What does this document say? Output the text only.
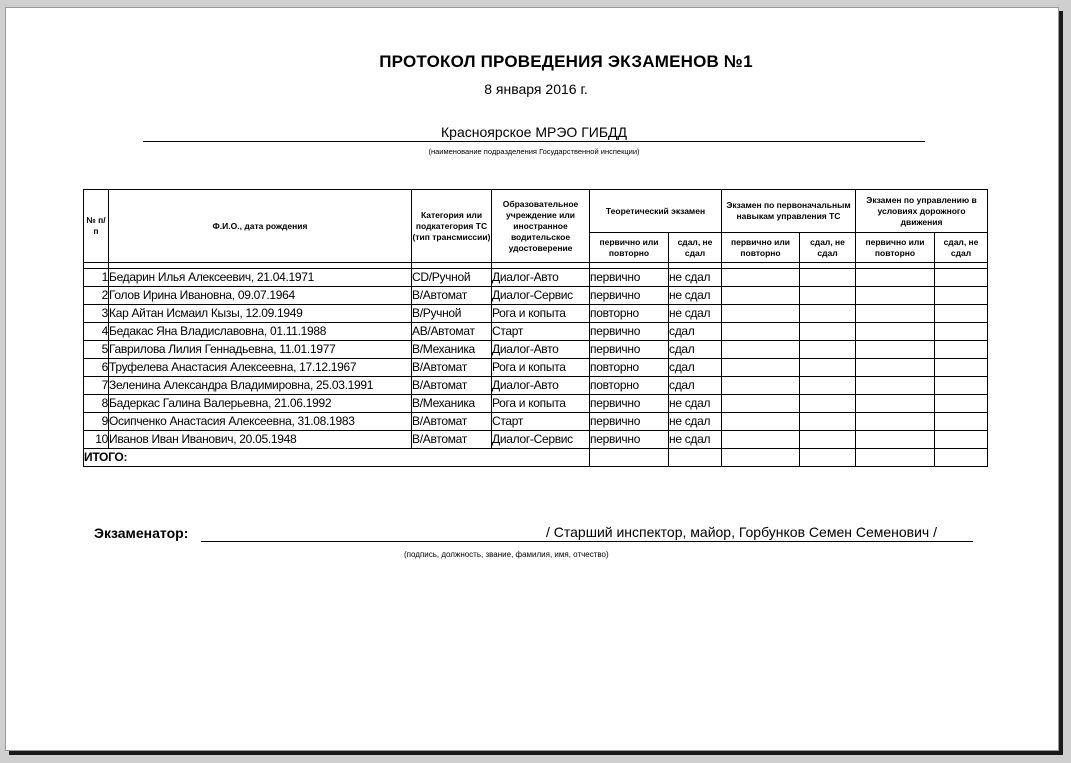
ПРОТОКОЛ ПРОВЕДЕНИЯ ЭКЗАМЕНОВ №1
8 января 2016 г.
Красноярское МРЭО ГИБДД
(наименование подразделения Государственной инспекции)
№ п/п	Ф.И.О., дата рождения	Категория или подкатегория ТС (тип трансмиссии)	Образовательное учреждение или иностранное водительское удостоверение	Теоретический экзамен		Экзамен по первоначальным навыкам управления ТС		Экзамен по управлению в условиях дорожного движения	
				первично или повторно	сдал, не сдал	первично или повторно	сдал, не сдал	первично или повторно	сдал, не сдал

1	Бедарин Илья Алексеевич, 21.04.1971	CD/Ручной	Диалог-Авто	первично	не сдал				
2	Голов Ирина Ивановна, 09.07.1964	B/Автомат	Диалог-Сервис	первично	не сдал				
3	Кар Айтан Исмаил Кызы, 12.09.1949	B/Ручной	Рога и копыта	повторно	не сдал				
4	Бедакас Яна Владиславовна, 01.11.1988	AB/Автомат	Старт	первично	сдал				
5	Гаврилова Лилия Геннадьевна, 11.01.1977	B/Механика	Диалог-Авто	первично	сдал				
6	Труфелева Анастасия Алексеевна, 17.12.1967	B/Автомат	Рога и копыта	повторно	сдал				
7	Зеленина Александра Владимировна, 25.03.1991	B/Автомат	Диалог-Авто	повторно	сдал				
8	Бадеркас Галина Валерьевна, 21.06.1992	B/Механика	Рога и копыта	первично	не сдал				
9	Осипченко Анастасия Алексеевна, 31.08.1983	B/Автомат	Старт	первично	не сдал				
10	Иванов Иван Иванович, 20.05.1948	B/Автомат	Диалог-Сервис	первично	не сдал				
ИТОГО:									
Экзаменатор:	/ Старший инспектор, майор, Горбунков Семен Семенович /
(подпись, должность, звание, фамилия, имя, отчество)
